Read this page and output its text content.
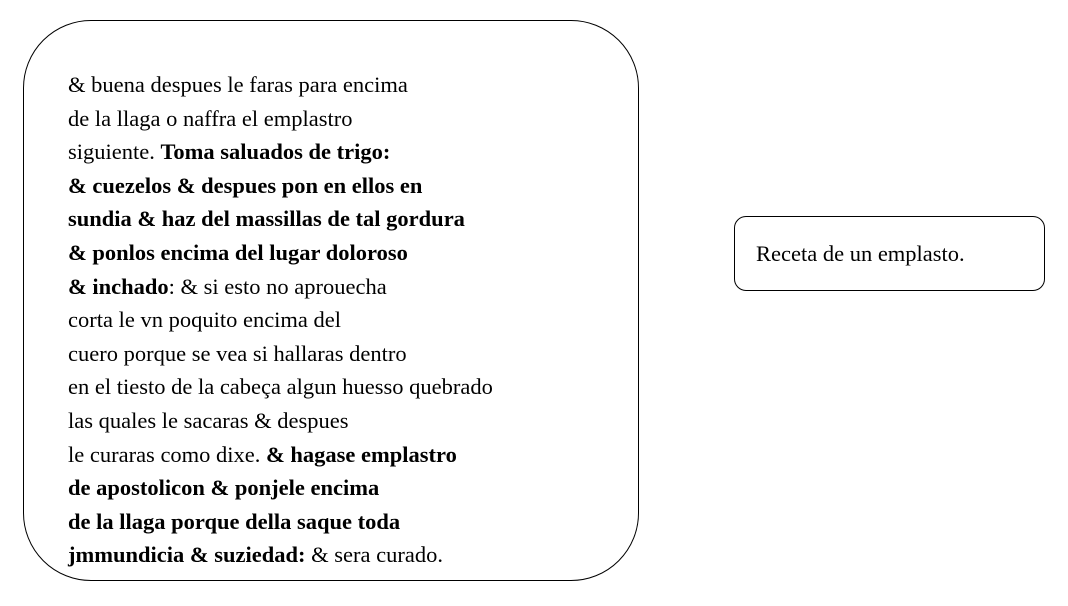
& buena despues le faras para encima
de la llaga o naffra el emplastro
siguiente. Toma saluados de trigo:
& cuezelos & despues pon en ellos en
sundia & haz del massillas de tal gordura
& ponlos encima del lugar doloroso
& inchado: & si esto no aprouecha
corta le vn poquito encima del
cuero porque se vea si hallaras dentro
en el tiesto de la cabeça algun huesso quebrado
las quales le sacaras & despues
le curaras como dixe. & hagase emplastro
de apostolicon & ponjele encima
de la llaga porque della saque toda
jmmundicia & suziedad: & sera curado.

Receta de un emplasto.
